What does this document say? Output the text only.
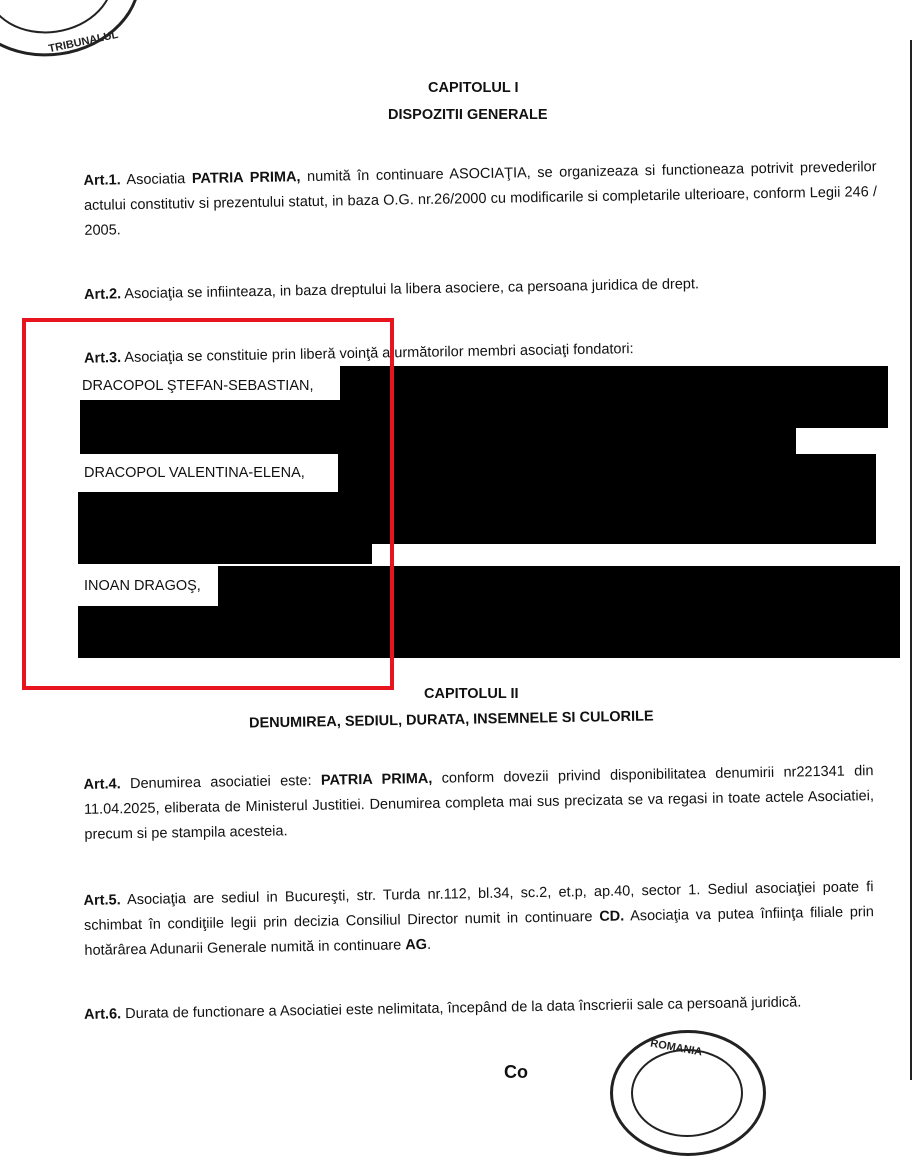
TRIBUNALUL
CAPITOLUL I
DISPOZITII GENERALE
Art.1. Asociatia PATRIA PRIMA, numită în continuare ASOCIAŢIA, se organizeaza si functioneaza potrivit prevederilor actului constitutiv si prezentului statut, in baza O.G. nr.26/2000 cu modificarile si completarile ulterioare, conform Legii 246 / 2005.
Art.2. Asociaţia se infiinteaza, in baza dreptului la libera asociere, ca persoana juridica de drept.
Art.3. Asociaţia se constituie prin liberă voinţă a următorilor membri asociaţi fondatori:
DRACOPOL ŞTEFAN-SEBASTIAN,
DRACOPOL VALENTINA-ELENA,
INOAN DRAGOŞ,
CAPITOLUL II
DENUMIREA, SEDIUL, DURATA, INSEMNELE SI CULORILE
Art.4. Denumirea asociatiei este: PATRIA PRIMA, conform dovezii privind disponibilitatea denumirii nr221341 din 11.04.2025, eliberata de Ministerul Justitiei. Denumirea completa mai sus precizata se va regasi in toate actele Asociatiei, precum si pe stampila acesteia.
Art.5. Asociaţia are sediul in Bucureşti, str. Turda nr.112, bl.34, sc.2, et.p, ap.40, sector 1. Sediul asociaţiei poate fi schimbat în condiţiile legii prin decizia Consiliul Director numit in continuare CD. Asociaţia va putea înfiinţa filiale prin hotărârea Adunarii Generale numită in continuare AG.
Art.6. Durata de functionare a Asociatiei este nelimitata, începând de la data înscrierii sale ca persoană juridică.
Co
ROMANIA
